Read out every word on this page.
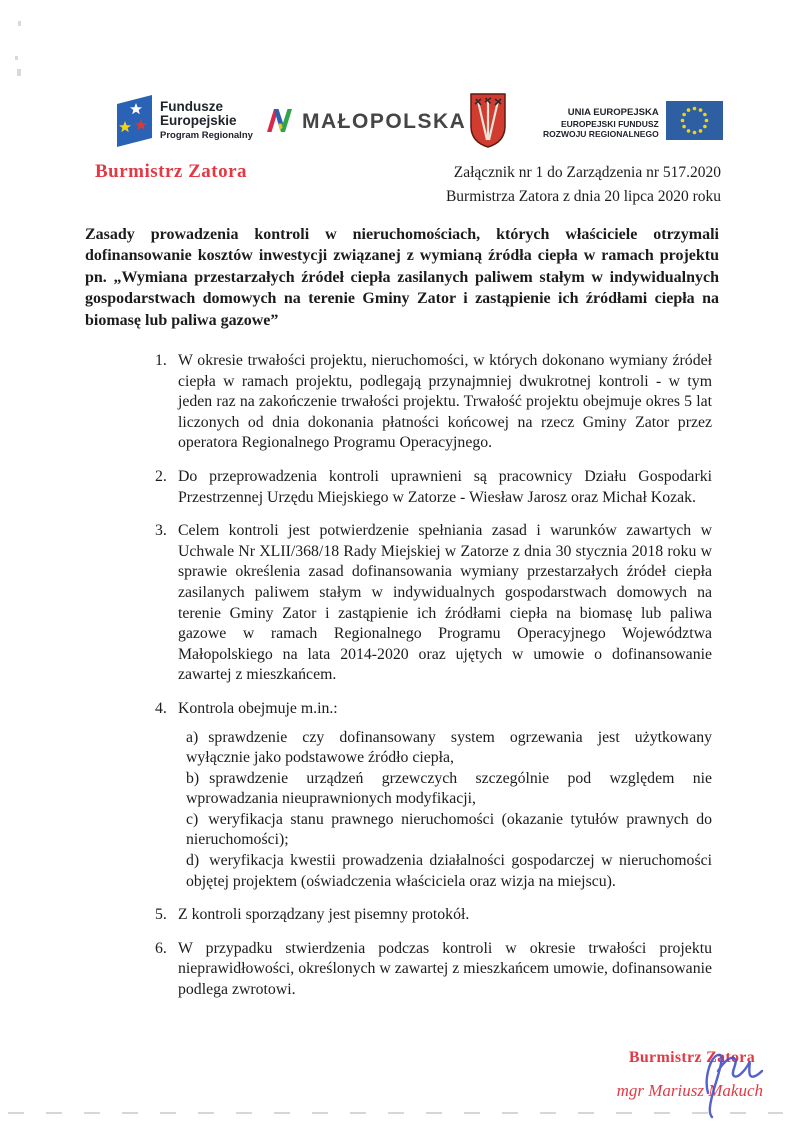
Fundusze
Europejskie
Program Regionalny
MAŁOPOLSKA	UNIA EUROPEJSKA
EUROPEJSKI FUNDUSZ
ROZWOJU REGIONALNEGO
Burmistrz Zatora	Załącznik nr 1 do Zarządzenia nr 517.2020
Burmistrza Zatora z dnia 20 lipca 2020 roku
Zasady prowadzenia kontroli w nieruchomościach, których właściciele otrzymali dofinansowanie kosztów inwestycji związanej z wymianą źródła ciepła w ramach projektu pn. „Wymiana przestarzałych źródeł ciepła zasilanych paliwem stałym w indywidualnych gospodarstwach domowych na terenie Gminy Zator i zastąpienie ich źródłami ciepła na biomasę lub paliwa gazowe”
1. W okresie trwałości projektu, nieruchomości, w których dokonano wymiany źródeł ciepła w ramach projektu, podlegają przynajmniej dwukrotnej kontroli - w tym jeden raz na zakończenie trwałości projektu. Trwałość projektu obejmuje okres 5 lat liczonych od dnia dokonania płatności końcowej na rzecz Gminy Zator przez operatora Regionalnego Programu Operacyjnego.
2. Do przeprowadzenia kontroli uprawnieni są pracownicy Działu Gospodarki Przestrzennej Urzędu Miejskiego w Zatorze - Wiesław Jarosz oraz Michał Kozak.
3. Celem kontroli jest potwierdzenie spełniania zasad i warunków zawartych w Uchwale Nr XLII/368/18 Rady Miejskiej w Zatorze z dnia 30 stycznia 2018 roku w sprawie określenia zasad dofinansowania wymiany przestarzałych źródeł ciepła zasilanych paliwem stałym w indywidualnych gospodarstwach domowych na terenie Gminy Zator i zastąpienie ich źródłami ciepła na biomasę lub paliwa gazowe w ramach Regionalnego Programu Operacyjnego Województwa Małopolskiego na lata 2014-2020 oraz ujętych w umowie o dofinansowanie zawartej z mieszkańcem.
4. Kontrola obejmuje m.in.:

a) sprawdzenie czy dofinansowany system ogrzewania jest użytkowany wyłącznie jako podstawowe źródło ciepła,

b) sprawdzenie urządzeń grzewczych szczególnie pod względem nie wprowadzania nieuprawnionych modyfikacji,

c) weryfikacja stanu prawnego nieruchomości (okazanie tytułów prawnych do nieruchomości);

d) weryfikacja kwestii prowadzenia działalności gospodarczej w nieruchomości objętej projektem (oświadczenia właściciela oraz wizja na miejscu).

5. Z kontroli sporządzany jest pisemny protokół.
6. W przypadku stwierdzenia podczas kontroli w okresie trwałości projektu nieprawidłowości, określonych w zawartej z mieszkańcem umowie, dofinansowanie podlega zwrotowi.
Burmistrz Zatora
mgr Mariusz Makuch
